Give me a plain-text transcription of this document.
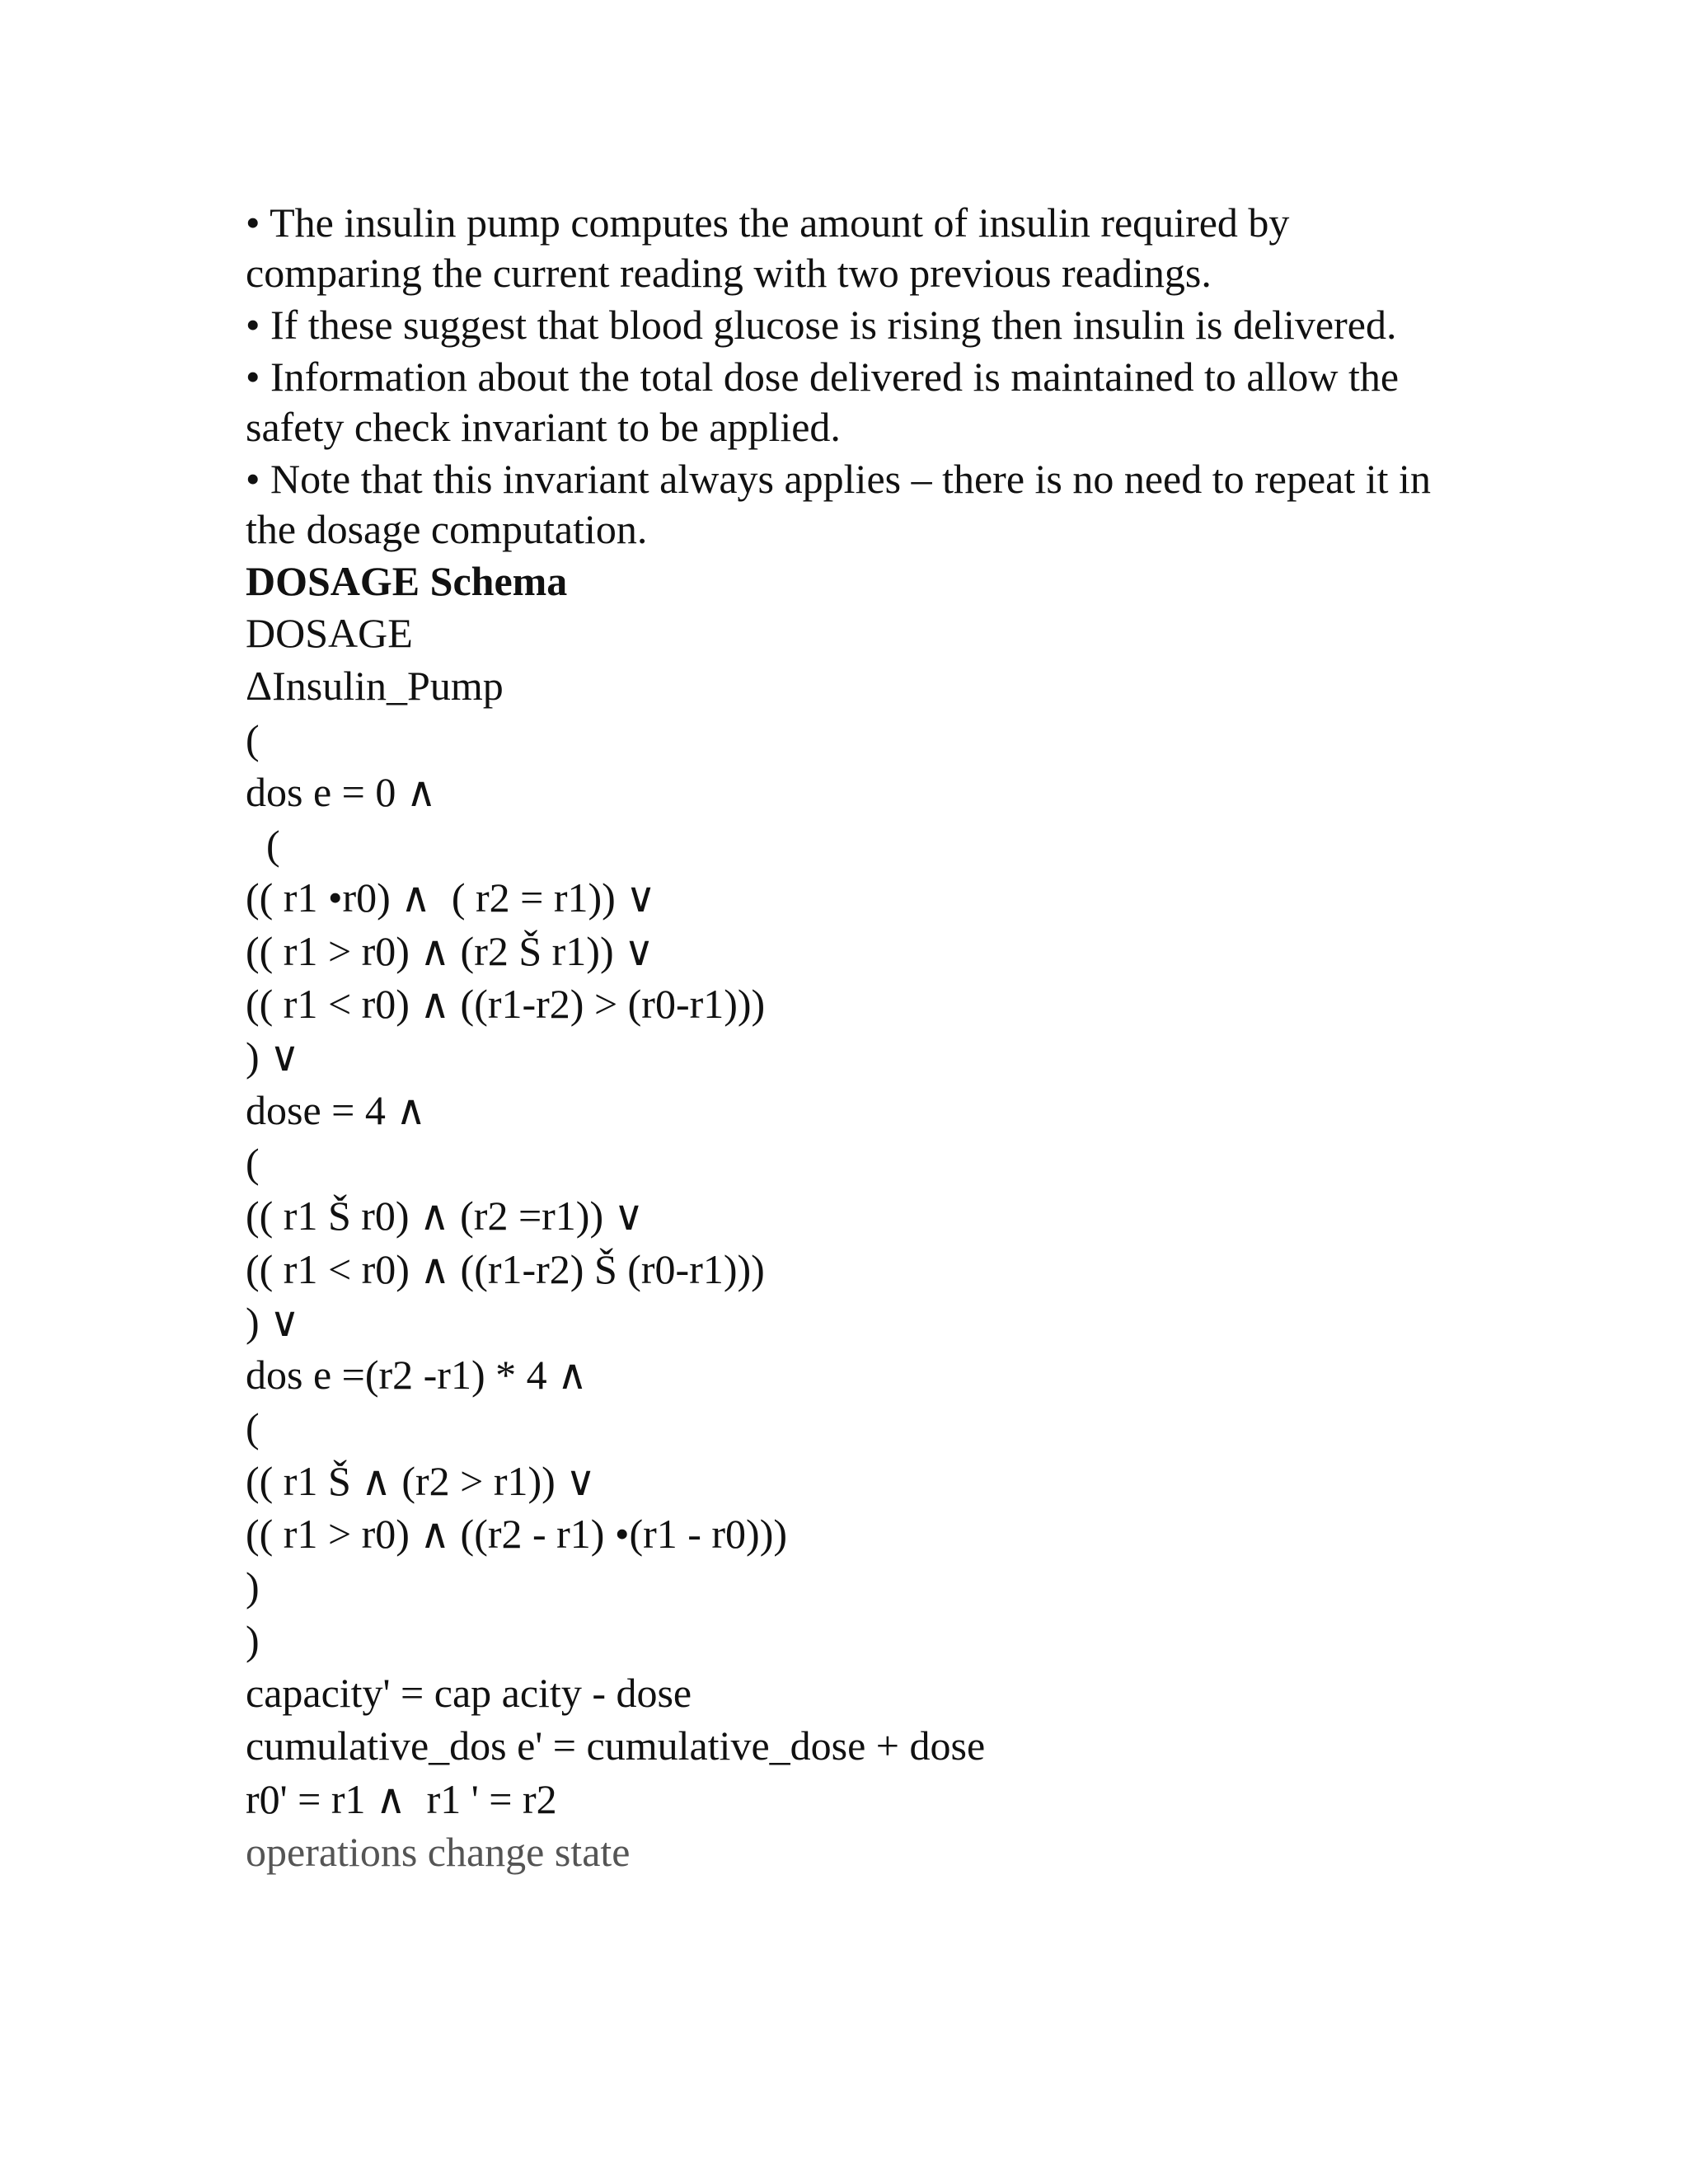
• The insulin pump computes the amount of insulin required by comparing the current reading with two previous readings.
• If these suggest that blood glucose is rising then insulin is delivered.
• Information about the total dose delivered is maintained to allow the safety check invariant to be applied.
• Note that this invariant always applies – there is no need to repeat it in the dosage computation.
DOSAGE Schema
DOSAGE
ΔInsulin_Pump
(
dos e = 0 ∧
(
(( r1 •r0) ∧  ( r2 = r1)) ∨
(( r1 > r0) ∧ (r2 Š r1)) ∨
(( r1 < r0) ∧ ((r1-r2) > (r0-r1)))
) ∨
dose = 4 ∧
(
(( r1 Š r0) ∧ (r2 =r1)) ∨
(( r1 < r0) ∧ ((r1-r2) Š (r0-r1)))
) ∨
dos e =(r2 -r1) * 4 ∧
(
(( r1 Š ∧ (r2 > r1)) ∨
(( r1 > r0) ∧ ((r2 - r1) •(r1 - r0)))
)
)
capacity' = cap acity - dose
cumulative_dos e' = cumulative_dose + dose
r0' = r1 ∧  r1 ' = r2
operations change state
